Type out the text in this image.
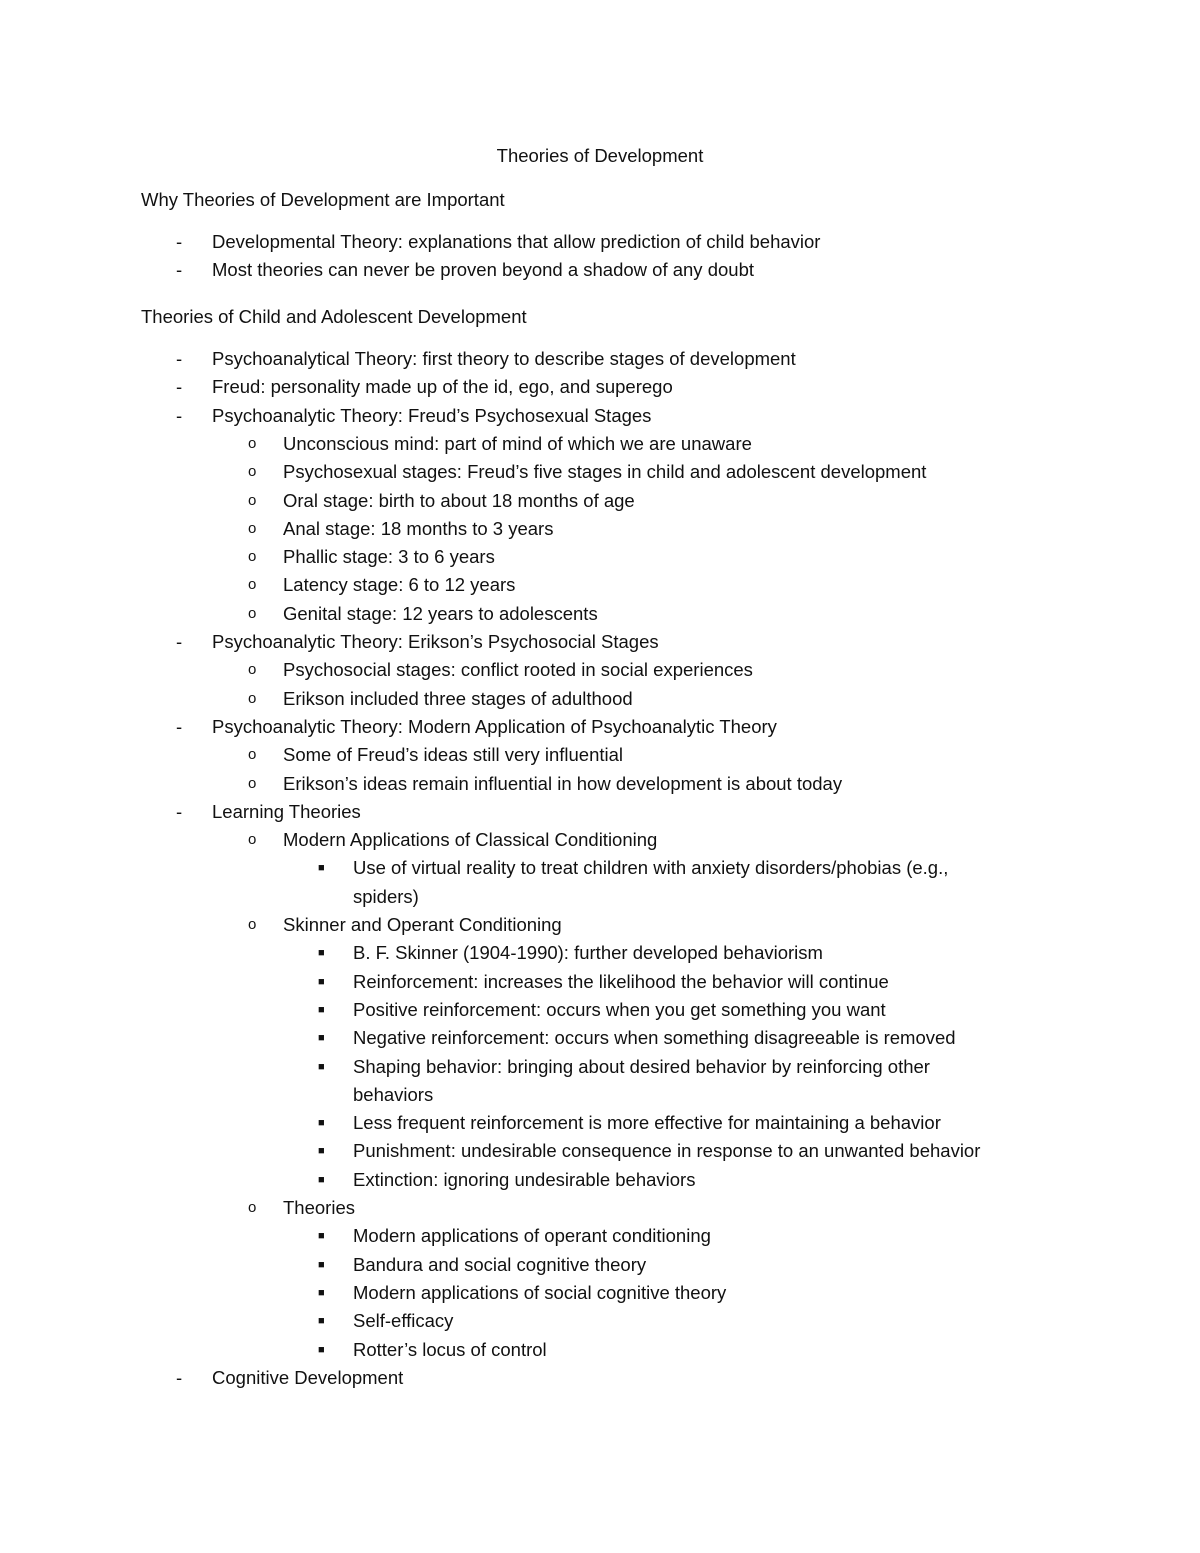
Theories of Development
Why Theories of Development are Important
- Developmental Theory: explanations that allow prediction of child behavior
- Most theories can never be proven beyond a shadow of any doubt
Theories of Child and Adolescent Development
- Psychoanalytical Theory: first theory to describe stages of development
- Freud: personality made up of the id, ego, and superego
- Psychoanalytic Theory: Freud’s Psychosexual Stages
o Unconscious mind: part of mind of which we are unaware
o Psychosexual stages: Freud’s five stages in child and adolescent development
o Oral stage: birth to about 18 months of age
o Anal stage: 18 months to 3 years
o Phallic stage: 3 to 6 years
o Latency stage: 6 to 12 years
o Genital stage: 12 years to adolescents
- Psychoanalytic Theory: Erikson’s Psychosocial Stages
o Psychosocial stages: conflict rooted in social experiences
o Erikson included three stages of adulthood
- Psychoanalytic Theory: Modern Application of Psychoanalytic Theory
o Some of Freud’s ideas still very influential
o Erikson’s ideas remain influential in how development is about today
- Learning Theories
o Modern Applications of Classical Conditioning
■ Use of virtual reality to treat children with anxiety disorders/phobias (e.g.,
spiders)
o Skinner and Operant Conditioning
■ B. F. Skinner (1904-1990): further developed behaviorism
■ Reinforcement: increases the likelihood the behavior will continue
■ Positive reinforcement: occurs when you get something you want
■ Negative reinforcement: occurs when something disagreeable is removed
■ Shaping behavior: bringing about desired behavior by reinforcing other
behaviors
■ Less frequent reinforcement is more effective for maintaining a behavior
■ Punishment: undesirable consequence in response to an unwanted behavior
■ Extinction: ignoring undesirable behaviors
o Theories
■ Modern applications of operant conditioning
■ Bandura and social cognitive theory
■ Modern applications of social cognitive theory
■ Self-efficacy
■ Rotter’s locus of control
- Cognitive Development
